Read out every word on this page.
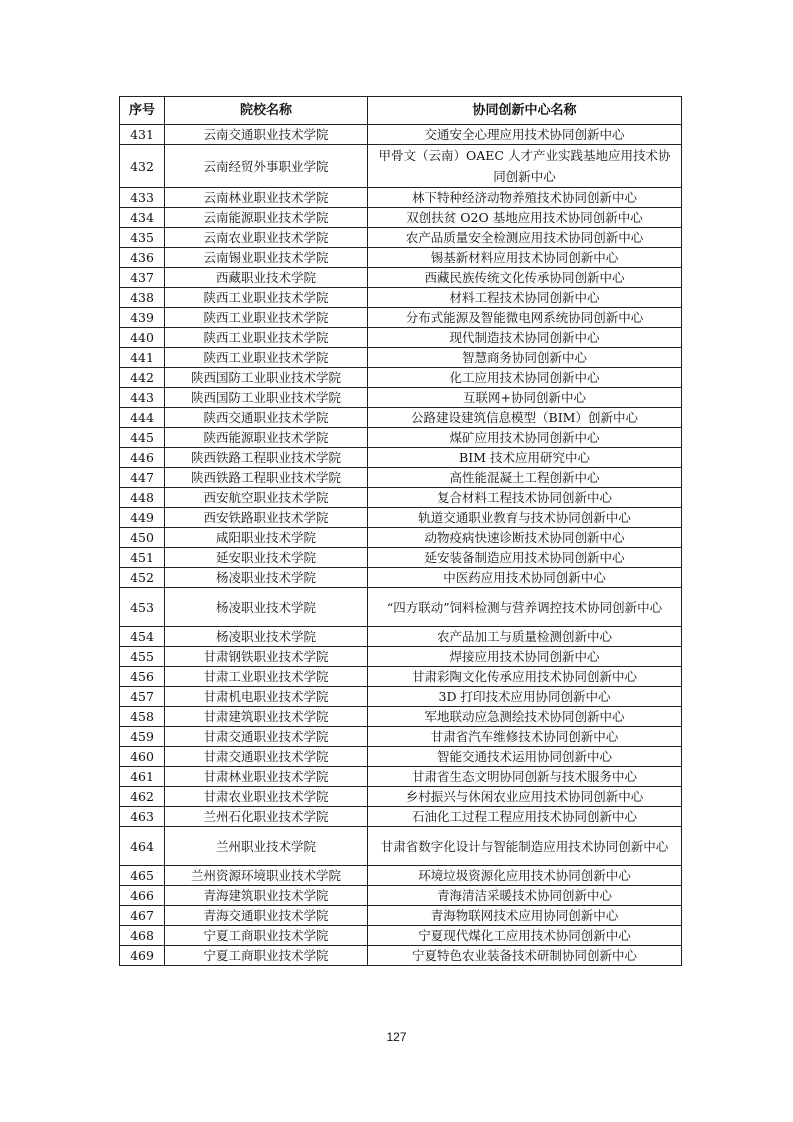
序号	院校名称	协同创新中心名称
431	云南交通职业技术学院	交通安全心理应用技术协同创新中心
432	云南经贸外事职业学院	甲骨文（云南）OAEC 人才产业实践基地应用技术协同创新中心
433	云南林业职业技术学院	林下特种经济动物养殖技术协同创新中心
434	云南能源职业技术学院	双创扶贫 O2O 基地应用技术协同创新中心
435	云南农业职业技术学院	农产品质量安全检测应用技术协同创新中心
436	云南锡业职业技术学院	锡基新材料应用技术协同创新中心
437	西藏职业技术学院	西藏民族传统文化传承协同创新中心
438	陕西工业职业技术学院	材料工程技术协同创新中心
439	陕西工业职业技术学院	分布式能源及智能微电网系统协同创新中心
440	陕西工业职业技术学院	现代制造技术协同创新中心
441	陕西工业职业技术学院	智慧商务协同创新中心
442	陕西国防工业职业技术学院	化工应用技术协同创新中心
443	陕西国防工业职业技术学院	互联网+协同创新中心
444	陕西交通职业技术学院	公路建设建筑信息模型（BIM）创新中心
445	陕西能源职业技术学院	煤矿应用技术协同创新中心
446	陕西铁路工程职业技术学院	BIM 技术应用研究中心
447	陕西铁路工程职业技术学院	高性能混凝土工程创新中心
448	西安航空职业技术学院	复合材料工程技术协同创新中心
449	西安铁路职业技术学院	轨道交通职业教育与技术协同创新中心
450	咸阳职业技术学院	动物疫病快速诊断技术协同创新中心
451	延安职业技术学院	延安装备制造应用技术协同创新中心
452	杨凌职业技术学院	中医药应用技术协同创新中心
453	杨凌职业技术学院	“四方联动”饲料检测与营养调控技术协同创新中心
454	杨凌职业技术学院	农产品加工与质量检测创新中心
455	甘肃钢铁职业技术学院	焊接应用技术协同创新中心
456	甘肃工业职业技术学院	甘肃彩陶文化传承应用技术协同创新中心
457	甘肃机电职业技术学院	3D 打印技术应用协同创新中心
458	甘肃建筑职业技术学院	军地联动应急测绘技术协同创新中心
459	甘肃交通职业技术学院	甘肃省汽车维修技术协同创新中心
460	甘肃交通职业技术学院	智能交通技术运用协同创新中心
461	甘肃林业职业技术学院	甘肃省生态文明协同创新与技术服务中心
462	甘肃农业职业技术学院	乡村振兴与休闲农业应用技术协同创新中心
463	兰州石化职业技术学院	石油化工过程工程应用技术协同创新中心
464	兰州职业技术学院	甘肃省数字化设计与智能制造应用技术协同创新中心
465	兰州资源环境职业技术学院	环境垃圾资源化应用技术协同创新中心
466	青海建筑职业技术学院	青海清洁采暖技术协同创新中心
467	青海交通职业技术学院	青海物联网技术应用协同创新中心
468	宁夏工商职业技术学院	宁夏现代煤化工应用技术协同创新中心
469	宁夏工商职业技术学院	宁夏特色农业装备技术研制协同创新中心
127
